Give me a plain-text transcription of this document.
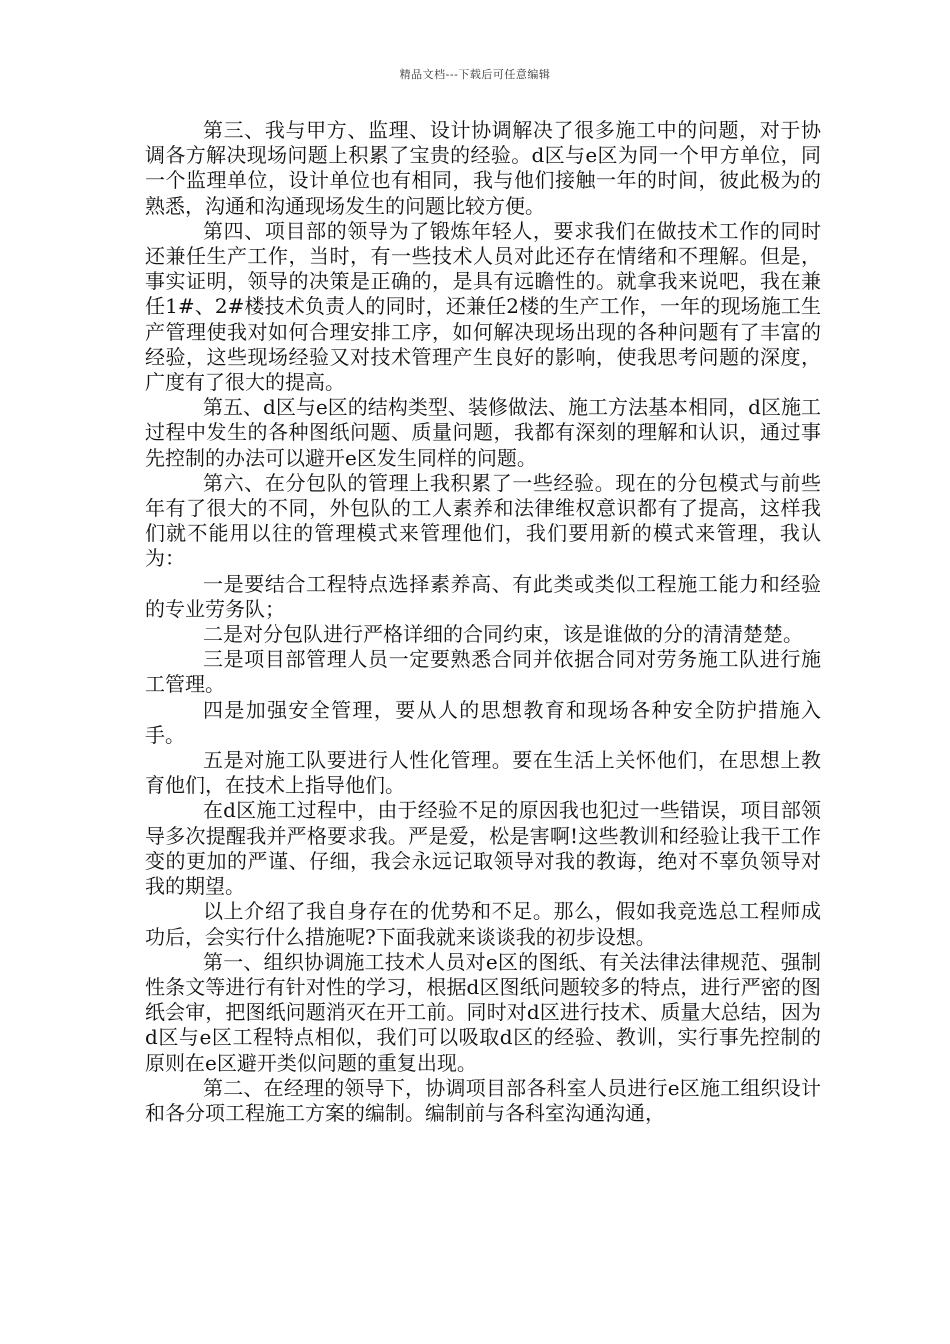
精品文档---下载后可任意编辑

第三、我与甲方、监理、设计协调解决了很多施工中的问题，对于协调各方解决现场问题上积累了宝贵的经验。d区与e区为同一个甲方单位，同一个监理单位，设计单位也有相同，我与他们接触一年的时间，彼此极为的熟悉，沟通和沟通现场发生的问题比较方便。

第四、项目部的领导为了锻炼年轻人，要求我们在做技术工作的同时还兼任生产工作，当时，有一些技术人员对此还存在情绪和不理解。但是，事实证明，领导的决策是正确的，是具有远瞻性的。就拿我来说吧，我在兼任1#、2#楼技术负责人的同时，还兼任2楼的生产工作，一年的现场施工生产管理使我对如何合理安排工序，如何解决现场出现的各种问题有了丰富的经验，这些现场经验又对技术管理产生良好的影响，使我思考问题的深度，广度有了很大的提高。

第五、d区与e区的结构类型、装修做法、施工方法基本相同，d区施工过程中发生的各种图纸问题、质量问题，我都有深刻的理解和认识，通过事先控制的办法可以避开e区发生同样的问题。

第六、在分包队的管理上我积累了一些经验。现在的分包模式与前些年有了很大的不同，外包队的工人素养和法律维权意识都有了提高，这样我们就不能用以往的管理模式来管理他们，我们要用新的模式来管理，我认为：

一是要结合工程特点选择素养高、有此类或类似工程施工能力和经验的专业劳务队；

二是对分包队进行严格详细的合同约束，该是谁做的分的清清楚楚。

三是项目部管理人员一定要熟悉合同并依据合同对劳务施工队进行施工管理。

四是加强安全管理，要从人的思想教育和现场各种安全防护措施入手。

五是对施工队要进行人性化管理。要在生活上关怀他们，在思想上教育他们，在技术上指导他们。

在d区施工过程中，由于经验不足的原因我也犯过一些错误，项目部领导多次提醒我并严格要求我。严是爱，松是害啊!这些教训和经验让我干工作变的更加的严谨、仔细，我会永远记取领导对我的教诲，绝对不辜负领导对我的期望。

以上介绍了我自身存在的优势和不足。那么，假如我竞选总工程师成功后，会实行什么措施呢?下面我就来谈谈我的初步设想。

第一、组织协调施工技术人员对e区的图纸、有关法律法律规范、强制性条文等进行有针对性的学习，根据d区图纸问题较多的特点，进行严密的图纸会审，把图纸问题消灭在开工前。同时对d区进行技术、质量大总结，因为d区与e区工程特点相似，我们可以吸取d区的经验、教训，实行事先控制的原则在e区避开类似问题的重复出现。

第二、在经理的领导下，协调项目部各科室人员进行e区施工组织设计和各分项工程施工方案的编制。编制前与各科室沟通沟通，
